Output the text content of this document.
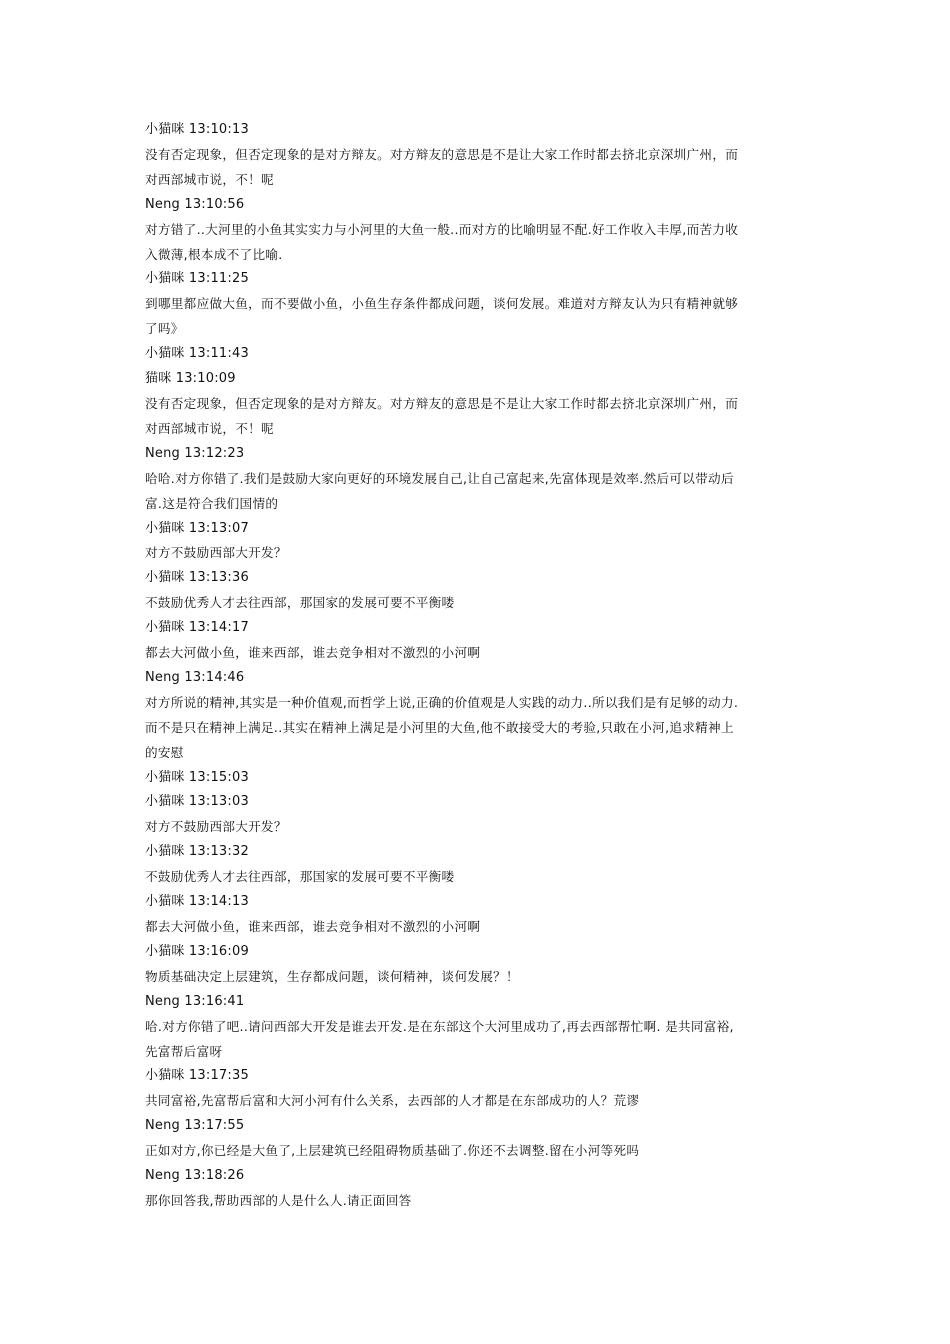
小猫咪 13:10:13
没有否定现象，但否定现象的是对方辩友。对方辩友的意思是不是让大家工作时都去挤北京深圳广州，而
对西部城市说，不！呢
Neng 13:10:56
对方错了..大河里的小鱼其实实力与小河里的大鱼一般..而对方的比喻明显不配.好工作收入丰厚,而苦力收
入微薄,根本成不了比喻.
小猫咪 13:11:25
到哪里都应做大鱼，而不要做小鱼，小鱼生存条件都成问题，谈何发展。难道对方辩友认为只有精神就够
了吗》
小猫咪 13:11:43
猫咪 13:10:09
没有否定现象，但否定现象的是对方辩友。对方辩友的意思是不是让大家工作时都去挤北京深圳广州，而
对西部城市说，不！呢
Neng 13:12:23
哈哈.对方你错了.我们是鼓励大家向更好的环境发展自己,让自己富起来,先富体现是效率.然后可以带动后
富.这是符合我们国情的
小猫咪 13:13:07
对方不鼓励西部大开发？
小猫咪 13:13:36
不鼓励优秀人才去往西部，那国家的发展可要不平衡喽
小猫咪 13:14:17
都去大河做小鱼，谁来西部，谁去竞争相对不激烈的小河啊
Neng 13:14:46
对方所说的精神,其实是一种价值观,而哲学上说,正确的价值观是人实践的动力..所以我们是有足够的动力.
而不是只在精神上满足..其实在精神上满足是小河里的大鱼,他不敢接受大的考验,只敢在小河,追求精神上
的安慰
小猫咪 13:15:03
小猫咪 13:13:03
对方不鼓励西部大开发？
小猫咪 13:13:32
不鼓励优秀人才去往西部，那国家的发展可要不平衡喽
小猫咪 13:14:13
都去大河做小鱼，谁来西部，谁去竞争相对不激烈的小河啊
小猫咪 13:16:09
物质基础决定上层建筑，生存都成问题，谈何精神，谈何发展？！
Neng 13:16:41
哈.对方你错了吧..请问西部大开发是谁去开发.是在东部这个大河里成功了,再去西部帮忙啊. 是共同富裕,
先富帮后富呀
小猫咪 13:17:35
共同富裕,先富帮后富和大河小河有什么关系，去西部的人才都是在东部成功的人？荒谬
Neng 13:17:55
正如对方,你已经是大鱼了,上层建筑已经阻碍物质基础了.你还不去调整.留在小河等死吗
Neng 13:18:26
那你回答我,帮助西部的人是什么人.请正面回答
